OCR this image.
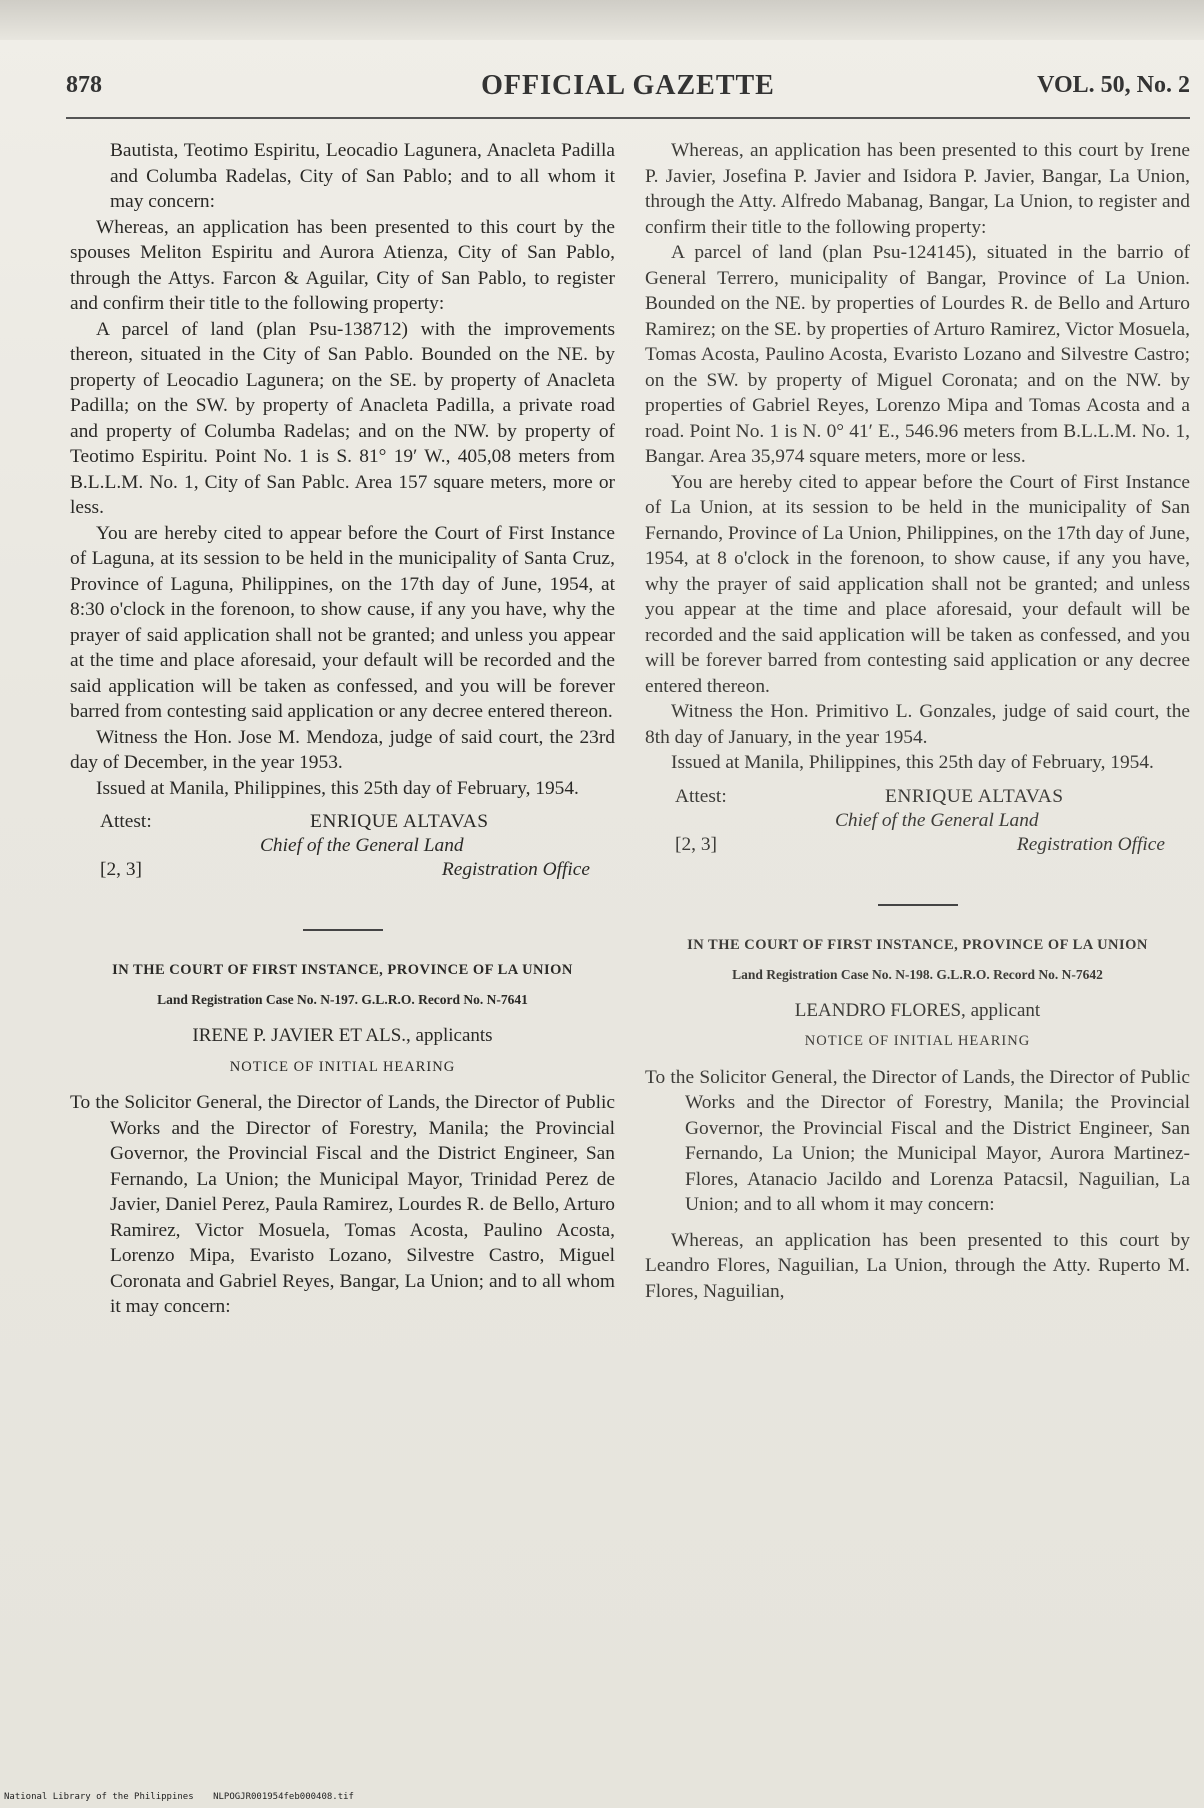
878	OFFICIAL GAZETTE	VOL. 50, No. 2

Bautista, Teotimo Espiritu, Leocadio Lagunera, Anacleta Padilla and Columba Radelas, City of San Pablo; and to all whom it may concern:

Whereas, an application has been presented to this court by the spouses Meliton Espiritu and Aurora Atienza, City of San Pablo, through the Attys. Farcon & Aguilar, City of San Pablo, to register and confirm their title to the following property:

A parcel of land (plan Psu-138712) with the improvements thereon, situated in the City of San Pablo. Bounded on the NE. by property of Leocadio Lagunera; on the SE. by property of Anacleta Padilla; on the SW. by property of Anacleta Padilla, a private road and property of Columba Radelas; and on the NW. by property of Teotimo Espiritu. Point No. 1 is S. 81° 19′ W., 405,08 meters from B.L.L.M. No. 1, City of San Pablc. Area 157 square meters, more or less.

You are hereby cited to appear before the Court of First Instance of Laguna, at its session to be held in the municipality of Santa Cruz, Province of Laguna, Philippines, on the 17th day of June, 1954, at 8:30 o'clock in the forenoon, to show cause, if any you have, why the prayer of said application shall not be granted; and unless you appear at the time and place aforesaid, your default will be recorded and the said application will be taken as confessed, and you will be forever barred from contesting said application or any decree entered thereon.

Witness the Hon. Jose M. Mendoza, judge of said court, the 23rd day of December, in the year 1953.

Issued at Manila, Philippines, this 25th day of February, 1954.

Attest:	ENRIQUE ALTAVAS
Chief of the General Land
[2, 3]	Registration Office
IN THE COURT OF FIRST INSTANCE, PROVINCE OF LA UNION
Land Registration Case No. N-197. G.L.R.O. Record No. N-7641
IRENE P. JAVIER ET ALS., applicants
NOTICE OF INITIAL HEARING

To the Solicitor General, the Director of Lands, the Director of Public Works and the Director of Forestry, Manila; the Provincial Governor, the Provincial Fiscal and the District Engineer, San Fernando, La Union; the Municipal Mayor, Trinidad Perez de Javier, Daniel Perez, Paula Ramirez, Lourdes R. de Bello, Arturo Ramirez, Victor Mosuela, Tomas Acosta, Paulino Acosta, Lorenzo Mipa, Evaristo Lozano, Silvestre Castro, Miguel Coronata and Gabriel Reyes, Bangar, La Union; and to all whom it may concern:

Whereas, an application has been presented to this court by Irene P. Javier, Josefina P. Javier and Isidora P. Javier, Bangar, La Union, through the Atty. Alfredo Mabanag, Bangar, La Union, to register and confirm their title to the following property:

A parcel of land (plan Psu-124145), situated in the barrio of General Terrero, municipality of Bangar, Province of La Union. Bounded on the NE. by properties of Lourdes R. de Bello and Arturo Ramirez; on the SE. by properties of Arturo Ramirez, Victor Mosuela, Tomas Acosta, Paulino Acosta, Evaristo Lozano and Silvestre Castro; on the SW. by property of Miguel Coronata; and on the NW. by properties of Gabriel Reyes, Lorenzo Mipa and Tomas Acosta and a road. Point No. 1 is N. 0° 41′ E., 546.96 meters from B.L.L.M. No. 1, Bangar. Area 35,974 square meters, more or less.

You are hereby cited to appear before the Court of First Instance of La Union, at its session to be held in the municipality of San Fernando, Province of La Union, Philippines, on the 17th day of June, 1954, at 8 o'clock in the forenoon, to show cause, if any you have, why the prayer of said application shall not be granted; and unless you appear at the time and place aforesaid, your default will be recorded and the said application will be taken as confessed, and you will be forever barred from contesting said application or any decree entered thereon.

Witness the Hon. Primitivo L. Gonzales, judge of said court, the 8th day of January, in the year 1954.

Issued at Manila, Philippines, this 25th day of February, 1954.

Attest:	ENRIQUE ALTAVAS
Chief of the General Land
[2, 3]	Registration Office
IN THE COURT OF FIRST INSTANCE, PROVINCE OF LA UNION
Land Registration Case No. N-198. G.L.R.O. Record No. N-7642
LEANDRO FLORES, applicant
NOTICE OF INITIAL HEARING

To the Solicitor General, the Director of Lands, the Director of Public Works and the Director of Forestry, Manila; the Provincial Governor, the Provincial Fiscal and the District Engineer, San Fernando, La Union; the Municipal Mayor, Aurora Martinez-Flores, Atanacio Jacildo and Lorenza Patacsil, Naguilian, La Union; and to all whom it may concern:

Whereas, an application has been presented to this court by Leandro Flores, Naguilian, La Union, through the Atty. Ruperto M. Flores, Naguilian,

National Library of the Philippines NLPOGJR001954feb000408.tif
